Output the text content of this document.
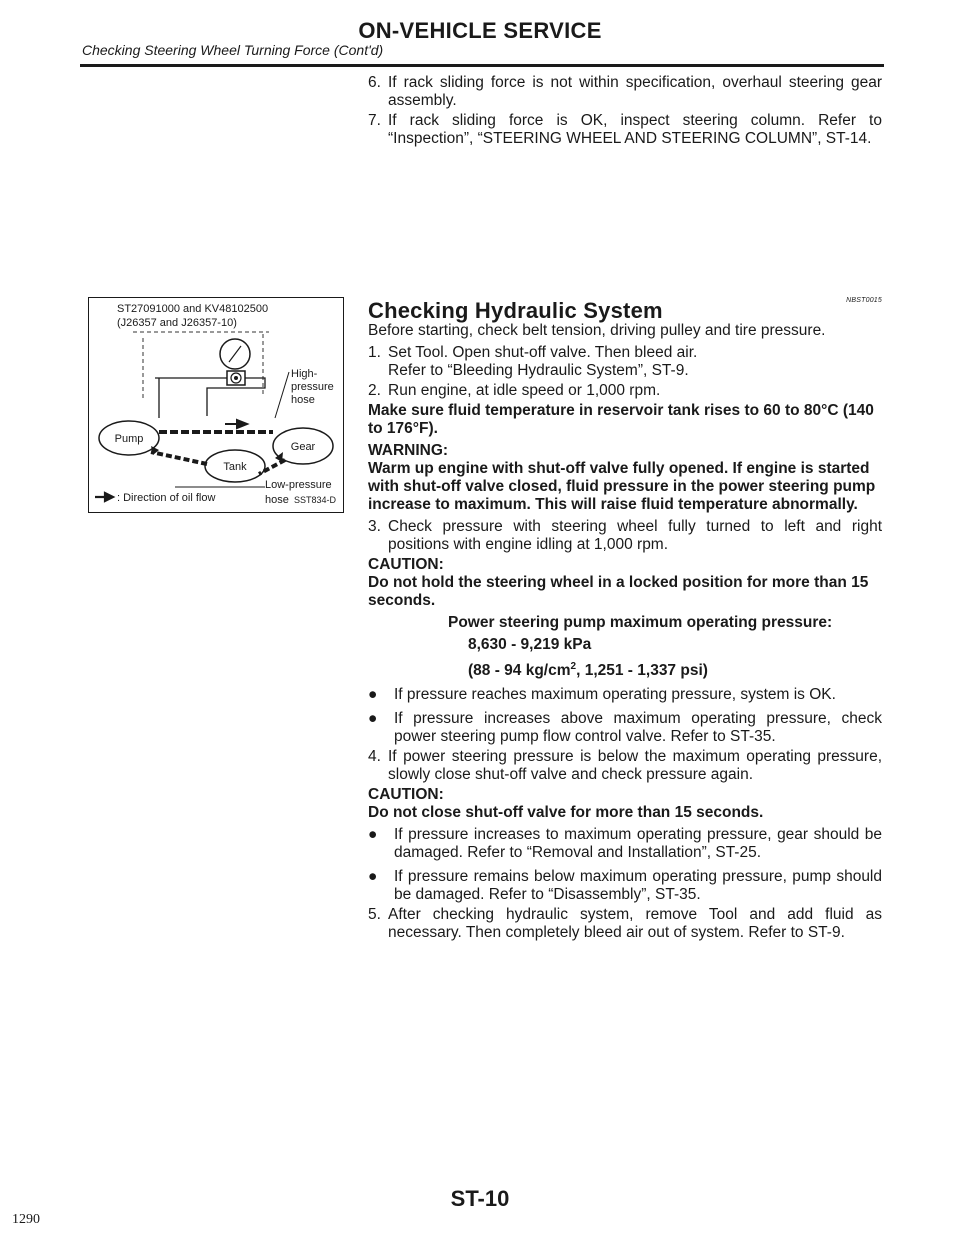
ON-VEHICLE SERVICE
Checking Steering Wheel Turning Force (Cont'd)
6. If rack sliding force is not within specification, overhaul steering gear assembly.
7. If rack sliding force is OK, inspect steering column. Refer to “Inspection”, “STEERING WHEEL AND STEERING COLUMN”, ST-14.
ST27091000 and KV48102500
(J26357 and J26357-10)
High-
pressure
hose
Pump
Gear
Tank
Low-pressure
hose
: Direction of oil flow	SST834-D
Checking Hydraulic System	NBST0015
Before starting, check belt tension, driving pulley and tire pressure.
1. Set Tool. Open shut-off valve. Then bleed air.
Refer to “Bleeding Hydraulic System”, ST-9.
2. Run engine, at idle speed or 1,000 rpm.
Make sure fluid temperature in reservoir tank rises to 60 to 80°C (140 to 176°F).
WARNING:
Warm up engine with shut-off valve fully opened. If engine is started with shut-off valve closed, fluid pressure in the power steering pump increase to maximum. This will raise fluid temperature abnormally.
3. Check pressure with steering wheel fully turned to left and right positions with engine idling at 1,000 rpm.
CAUTION:
Do not hold the steering wheel in a locked position for more than 15 seconds.
Power steering pump maximum operating pressure:
8,630 - 9,219 kPa
(88 - 94 $kg/cm^2$, 1,251 - 1,337 psi)
●	If pressure reaches maximum operating pressure, system is OK.
●	If pressure increases above maximum operating pressure, check power steering pump flow control valve. Refer to ST-35.
4. If power steering pressure is below the maximum operating pressure, slowly close shut-off valve and check pressure again.
CAUTION:
Do not close shut-off valve for more than 15 seconds.
●	If pressure increases to maximum operating pressure, gear should be damaged. Refer to “Removal and Installation”, ST-25.
●	If pressure remains below maximum operating pressure, pump should be damaged. Refer to “Disassembly”, ST-35.
5. After checking hydraulic system, remove Tool and add fluid as necessary. Then completely bleed air out of system. Refer to ST-9.
ST-10
1290
